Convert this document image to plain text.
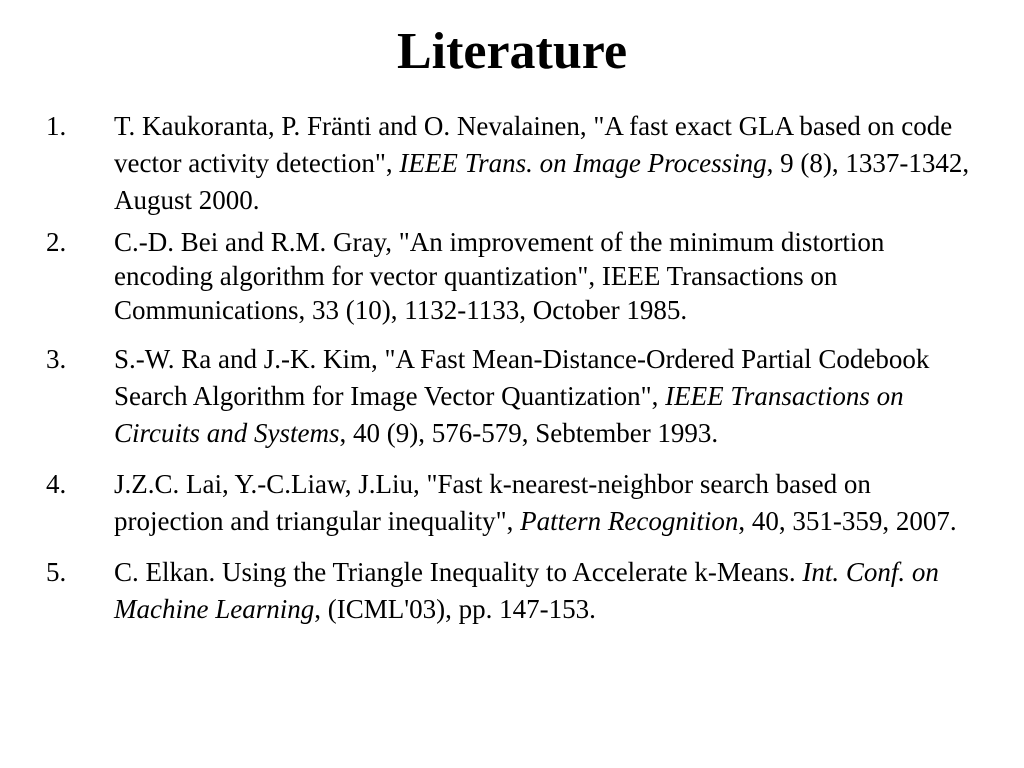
Literature
1. T. Kaukoranta, P. Fränti and O. Nevalainen, "A fast exact GLA based on code vector activity detection", IEEE Trans. on Image Processing, 9 (8), 1337-1342, August 2000.
2. C.-D. Bei and R.M. Gray, "An improvement of the minimum distortion encoding algorithm for vector quantization", IEEE Transactions on Communications, 33 (10), 1132-1133, October 1985.
3. S.-W. Ra and J.-K. Kim, "A Fast Mean-Distance-Ordered Partial Codebook Search Algorithm for Image Vector Quantization", IEEE Transactions on Circuits and Systems, 40 (9), 576-579, Sebtember 1993.
4. J.Z.C. Lai, Y.-C.Liaw, J.Liu, "Fast k-nearest-neighbor search based on projection and triangular inequality", Pattern Recognition, 40, 351-359, 2007.
5. C. Elkan. Using the Triangle Inequality to Accelerate k-Means. Int. Conf. on Machine Learning, (ICML'03), pp. 147-153.
